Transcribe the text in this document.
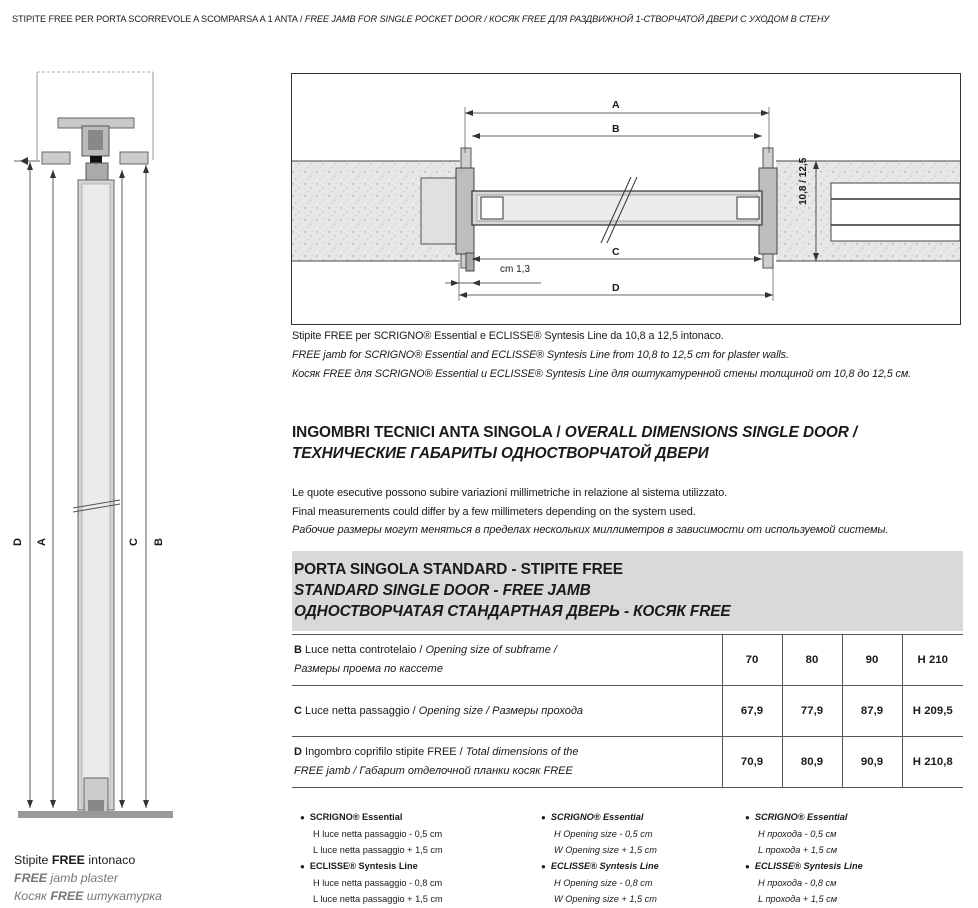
STIPITE FREE PER PORTA SCORREVOLE A SCOMPARSA A 1 ANTA / FREE JAMB FOR SINGLE POCKET DOOR / КОСЯК FREE ДЛЯ РАЗДВИЖНОЙ 1-СТВОРЧАТОЙ ДВЕРИ С УХОДОМ В СТЕНУ
D A	C B
Stipite FREE intonaco
FREE jamb plaster
Косяк FREE штукатурка
A
B
C
D
cm 1,3
10,8 / 12,5
Stipite FREE per SCRIGNO® Essential e ECLISSE® Syntesis Line da 10,8 a 12,5 intonaco.
FREE jamb for SCRIGNO® Essential and ECLISSE® Syntesis Line from 10,8 to 12,5 cm for plaster walls.
Косяк FREE для SCRIGNO® Essential и ECLISSE® Syntesis Line для оштукатуренной стены толщиной от 10,8 до 12,5 см.
INGOMBRI TECNICI ANTA SINGOLA / OVERALL DIMENSIONS SINGLE DOOR /
ТЕХНИЧЕСКИЕ ГАБАРИТЫ ОДНОСТВОРЧАТОЙ ДВЕРИ
Le quote esecutive possono subire variazioni millimetriche in relazione al sistema utilizzato.
Final measurements could differ by a few millimeters depending on the system used.
Рабочие размеры могут меняться в пределах нескольких миллиметров в зависимости от используемой системы.
PORTA SINGOLA STANDARD - STIPITE FREE
STANDARD SINGLE DOOR - FREE JAMB
ОДНОСТВОРЧАТАЯ СТАНДАРТНАЯ ДВЕРЬ - КОСЯК FREE
B Luce netta controtelaio / Opening size of subframe /
Размеры проема по кассете	70	80	90	H 210

C Luce netta passaggio / Opening size / Размеры прохода	67,9	77,9	87,9	H 209,5

D Ingombro coprifilo stipite FREE / Total dimensions of the
FREE jamb / Габарит отделочной планки косяк FREE	70,9	80,9	90,9	H 210,8
● SCRIGNO® Essential
H luce netta passaggio - 0,5 cm
L luce netta passaggio + 1,5 cm
● ECLISSE® Syntesis Line
H luce netta passaggio - 0,8 cm
L luce netta passaggio + 1,5 cm
● SCRIGNO® Essential
H Opening size - 0,5 cm
W Opening size + 1,5 cm
● ECLISSE® Syntesis Line
H Opening size - 0,8 cm
W Opening size + 1,5 cm
● SCRIGNO® Essential
H прохода - 0,5 см
L прохода + 1,5 см
● ECLISSE® Syntesis Line
H прохода - 0,8 см
L прохода + 1,5 см
